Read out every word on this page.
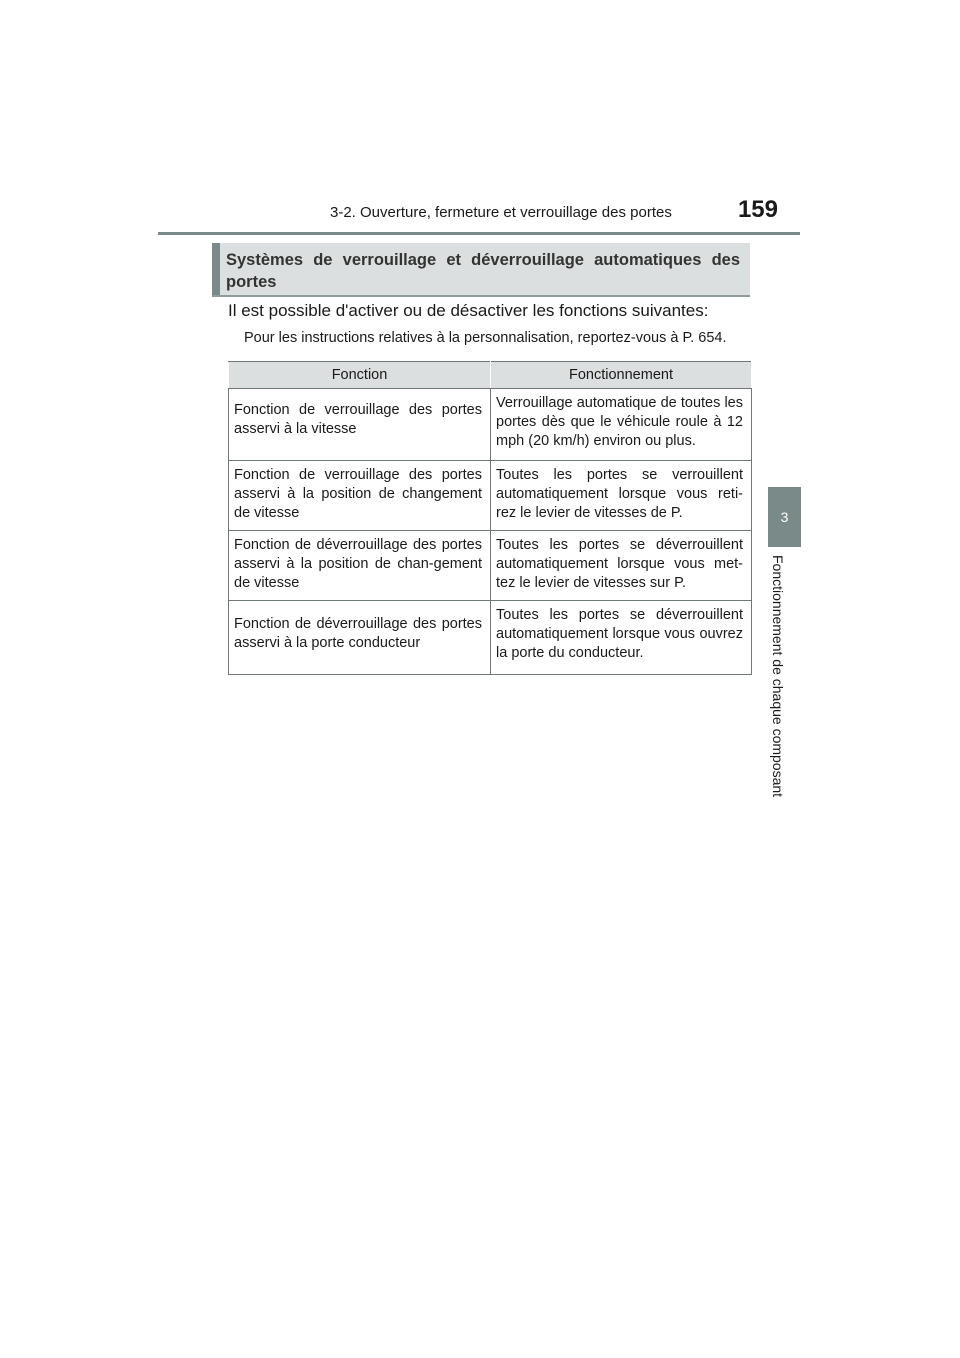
3-2. Ouverture, fermeture et verrouillage des portes	159
3
Fonctionnement de chaque composant
Systèmes de verrouillage et déverrouillage automatiques des portes
Il est possible d'activer ou de désactiver les fonctions suivantes:
Pour les instructions relatives à la personnalisation, reportez-vous à P. 654.
Fonction	Fonctionnement
Fonction de verrouillage des portes asservi à la vitesse	Verrouillage automatique de toutes les portes dès que le véhicule roule à 12 mph (20 km/h) environ ou plus.
Fonction de verrouillage des portes asservi à la position de changement de vitesse	Toutes les portes se verrouillent automatiquement lorsque vous reti-rez le levier de vitesses de P.
Fonction de déverrouillage des portes asservi à la position de chan-gement de vitesse	Toutes les portes se déverrouillent automatiquement lorsque vous met-tez le levier de vitesses sur P.
Fonction de déverrouillage des portes asservi à la porte conducteur	Toutes les portes se déverrouillent automatiquement lorsque vous ouvrez la porte du conducteur.
